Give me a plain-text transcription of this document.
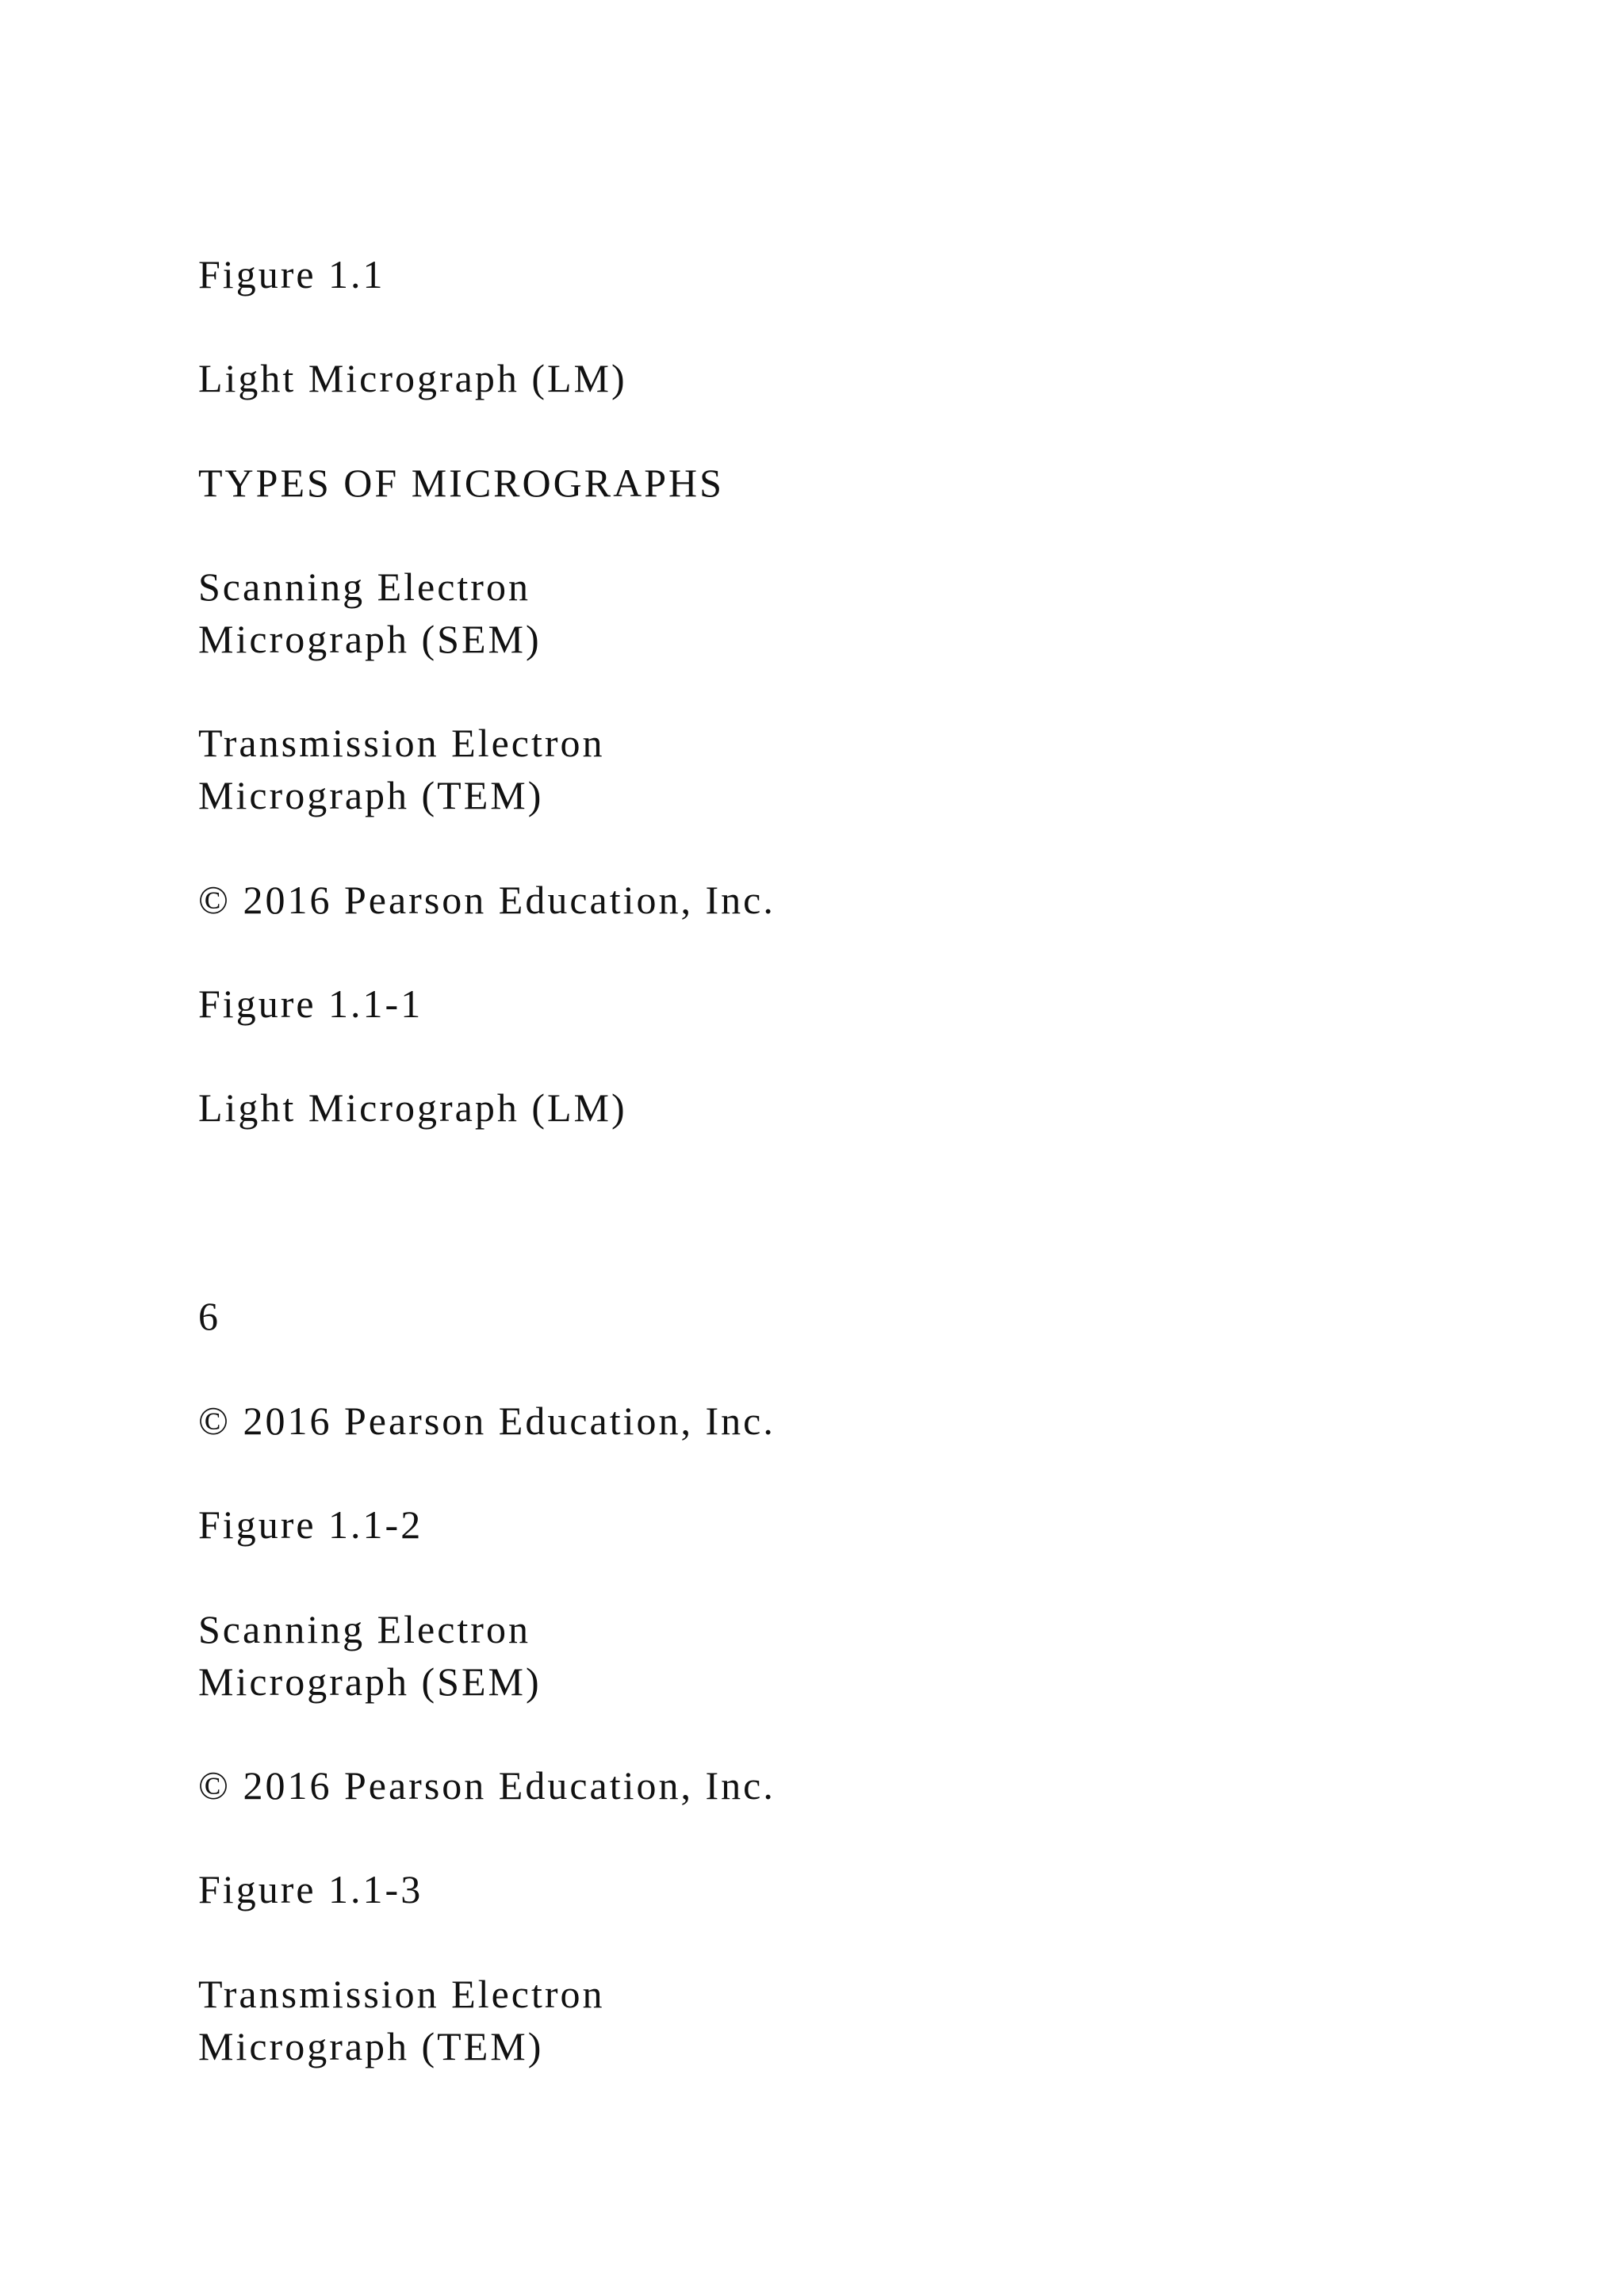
Figure 1.1
Light Micrograph (LM)
TYPES OF MICROGRAPHS
Scanning Electron
Micrograph (SEM)
Transmission Electron
Micrograph (TEM)
© 2016 Pearson Education, Inc.
Figure 1.1-1
Light Micrograph (LM)
6
© 2016 Pearson Education, Inc.
Figure 1.1-2
Scanning Electron
Micrograph (SEM)
© 2016 Pearson Education, Inc.
Figure 1.1-3
Transmission Electron
Micrograph (TEM)
